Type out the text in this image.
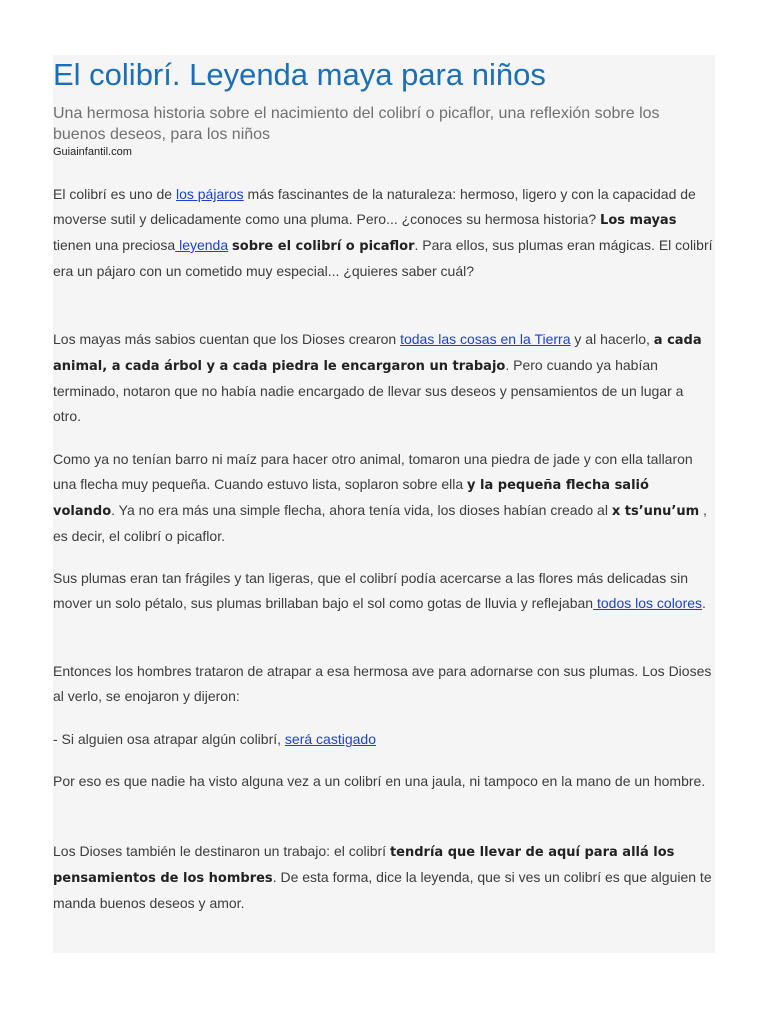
El colibrí. Leyenda maya para niños

Una hermosa historia sobre el nacimiento del colibrí o picaflor, una reflexión sobre los buenos deseos, para los niños

Guiainfantil.com

El colibrí es uno de los pájaros más fascinantes de la naturaleza: hermoso, ligero y con la capacidad de moverse sutil y delicadamente como una pluma. Pero... ¿conoces su hermosa historia? Los mayas tienen una preciosa leyenda sobre el colibrí o picaflor. Para ellos, sus plumas eran mágicas. El colibrí era un pájaro con un cometido muy especial... ¿quieres saber cuál?

Los mayas más sabios cuentan que los Dioses crearon todas las cosas en la Tierra y al hacerlo, a cada animal, a cada árbol y a cada piedra le encargaron un trabajo. Pero cuando ya habían terminado, notaron que no había nadie encargado de llevar sus deseos y pensamientos de un lugar a otro.

Como ya no tenían barro ni maíz para hacer otro animal, tomaron una piedra de jade y con ella tallaron una flecha muy pequeña. Cuando estuvo lista, soplaron sobre ella y la pequeña flecha salió volando. Ya no era más una simple flecha, ahora tenía vida, los dioses habían creado al x ts’unu’um , es decir, el colibrí o picaflor.

Sus plumas eran tan frágiles y tan ligeras, que el colibrí podía acercarse a las flores más delicadas sin mover un solo pétalo, sus plumas brillaban bajo el sol como gotas de lluvia y reflejaban todos los colores.

Entonces los hombres trataron de atrapar a esa hermosa ave para adornarse con sus plumas. Los Dioses al verlo, se enojaron y dijeron:

- Si alguien osa atrapar algún colibrí, será castigado

Por eso es que nadie ha visto alguna vez a un colibrí en una jaula, ni tampoco en la mano de un hombre.

Los Dioses también le destinaron un trabajo: el colibrí tendría que llevar de aquí para allá los pensamientos de los hombres. De esta forma, dice la leyenda, que si ves un colibrí es que alguien te manda buenos deseos y amor.
